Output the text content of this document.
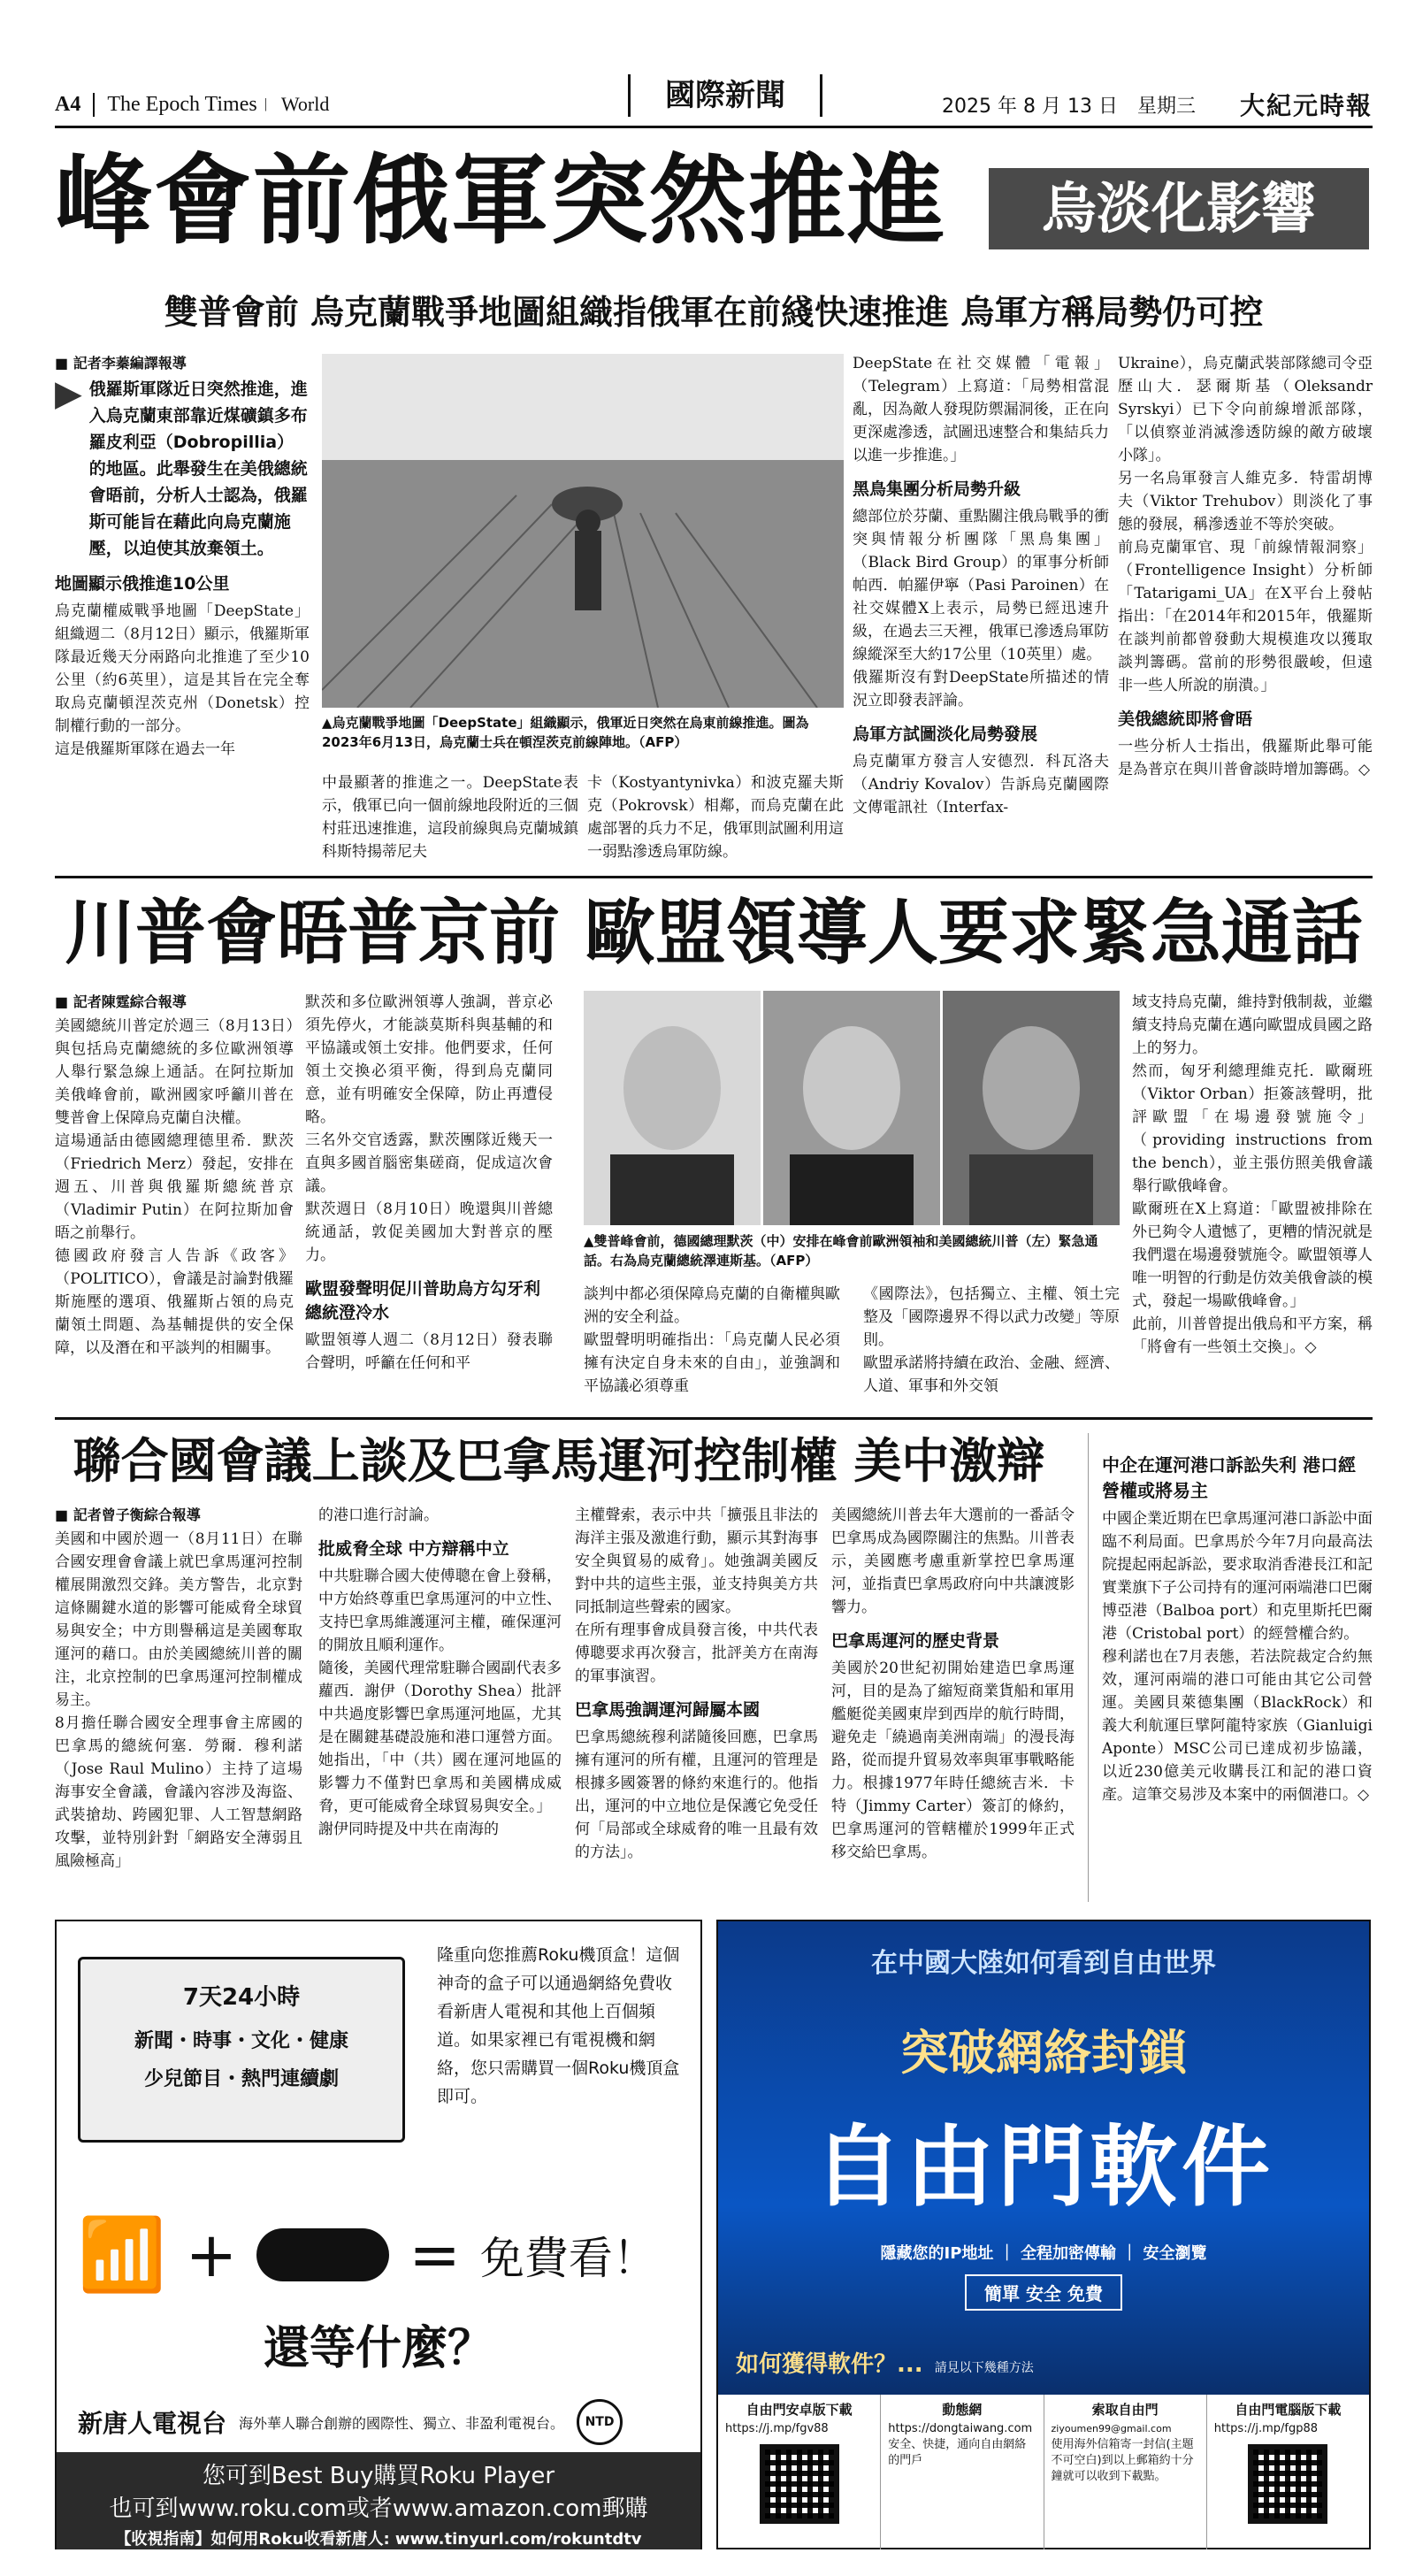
A4	The Epoch Times | World	國際新聞	2025 年 8 月 13 日　星期三 大紀元時報
峰會前俄軍突然推進	烏淡化影響
雙普會前 烏克蘭戰爭地圖組織指俄軍在前綫快速推進 烏軍方稱局勢仍可控
■ 記者李蓁編譯報導
▶ 俄羅斯軍隊近日突然推進，進入烏克蘭東部靠近煤礦鎮多布羅皮利亞（Dobropillia）的地區。此舉發生在美俄總統會晤前，分析人士認為，俄羅斯可能旨在藉此向烏克蘭施壓，以迫使其放棄領土。
地圖顯示俄推進10公里

烏克蘭權威戰爭地圖「DeepState」組織週二（8月12日）顯示，俄羅斯軍隊最近幾天分兩路向北推進了至少10公里（約6英里），這是其旨在完全奪取烏克蘭頓涅茨克州（Donetsk）控制權行動的一部分。

這是俄羅斯軍隊在過去一年

▲烏克蘭戰爭地圖「DeepState」組織顯示，俄軍近日突然在烏東前線推進。圖為2023年6月13日，烏克蘭士兵在頓涅茨克前線陣地。（AFP）

中最顯著的推進之一。DeepState表示，俄軍已向一個前線地段附近的三個村莊迅速推進，這段前線與烏克蘭城鎮科斯特揚蒂尼夫

卡（Kostyantynivka）和波克羅夫斯克（Pokrovsk）相鄰，而烏克蘭在此處部署的兵力不足，俄軍則試圖利用這一弱點滲透烏軍防線。

DeepState在社交媒體「電報」（Telegram）上寫道：「局勢相當混亂，因為敵人發現防禦漏洞後，正在向更深處滲透，試圖迅速整合和集結兵力以進一步推進。」

黑鳥集團分析局勢升級

總部位於芬蘭、重點關注俄烏戰爭的衝突與情報分析團隊「黑鳥集團」（Black Bird Group）的軍事分析師帕西．帕羅伊寧（Pasi Paroinen）在社交媒體X上表示，局勢已經迅速升級，在過去三天裡，俄軍已滲透烏軍防線縱深至大約17公里（10英里）處。

俄羅斯沒有對DeepState所描述的情況立即發表評論。

烏軍方試圖淡化局勢發展

烏克蘭軍方發言人安德烈．科瓦洛夫（Andriy Kovalov）告訴烏克蘭國際文傳電訊社（Interfax-

Ukraine），烏克蘭武裝部隊總司令亞歷山大．瑟爾斯基（Oleksandr Syrskyi）已下令向前線增派部隊，「以偵察並消滅滲透防線的敵方破壞小隊」。

另一名烏軍發言人維克多．特雷胡博夫（Viktor Trehubov）則淡化了事態的發展，稱滲透並不等於突破。

前烏克蘭軍官、現「前線情報洞察」（Frontelligence Insight）分析師「Tatarigami_UA」在X平台上發帖指出：「在2014年和2015年，俄羅斯在談判前都曾發動大規模進攻以獲取談判籌碼。當前的形勢很嚴峻，但遠非一些人所說的崩潰。」

美俄總統即將會晤

一些分析人士指出，俄羅斯此舉可能是為普京在與川普會談時增加籌碼。◇

川普會晤普京前 歐盟領導人要求緊急通話
■ 記者陳霆綜合報導

美國總統川普定於週三（8月13日）與包括烏克蘭總統的多位歐洲領導人舉行緊急線上通話。在阿拉斯加美俄峰會前，歐洲國家呼籲川普在雙普會上保障烏克蘭自決權。

這場通話由德國總理德里希．默茨（Friedrich Merz）發起，安排在週五、川普與俄羅斯總統普京（Vladimir Putin）在阿拉斯加會晤之前舉行。

德國政府發言人告訴《政客》（POLITICO），會議是討論對俄羅斯施壓的選項、俄羅斯占領的烏克蘭領土問題、為基輔提供的安全保障，以及潛在和平談判的相關事。

默茨和多位歐洲領導人強調，普京必須先停火，才能談莫斯科與基輔的和平協議或領土安排。他們要求，任何領土交換必須平衡，得到烏克蘭同意，並有明確安全保障，防止再遭侵略。

三名外交官透露，默茨團隊近幾天一直與多國首腦密集磋商，促成這次會議。

默茨週日（8月10日）晚還與川普總統通話，敦促美國加大對普京的壓力。

歐盟發聲明促川普助烏方勾牙利總統澄冷水

歐盟領導人週二（8月12日）發表聯合聲明，呼籲在任何和平

▲雙普峰會前，德國總理默茨（中）安排在峰會前歐洲領袖和美國總統川普（左）緊急通話。右為烏克蘭總統澤連斯基。（AFP）

談判中都必須保障烏克蘭的自衛權與歐洲的安全利益。

歐盟聲明明確指出：「烏克蘭人民必須擁有決定自身未來的自由」，並強調和平協議必須尊重

《國際法》，包括獨立、主權、領土完整及「國際邊界不得以武力改變」等原則。

歐盟承諾將持續在政治、金融、經濟、人道、軍事和外交領

域支持烏克蘭，維持對俄制裁，並繼續支持烏克蘭在邁向歐盟成員國之路上的努力。

然而，匈牙利總理維克托．歐爾班（Viktor Orban）拒簽該聲明，批評歐盟「在場邊發號施令」（providing instructions from the bench），並主張仿照美俄會議舉行歐俄峰會。

歐爾班在X上寫道：「歐盟被排除在外已夠令人遺憾了，更糟的情況就是我們還在場邊發號施令。歐盟領導人唯一明智的行動是仿效美俄會談的模式，發起一場歐俄峰會。」

此前，川普曾提出俄烏和平方案，稱「將會有一些領土交換」。◇

聯合國會議上談及巴拿馬運河控制權 美中激辯
■ 記者曾子衡綜合報導

美國和中國於週一（8月11日）在聯合國安理會會議上就巴拿馬運河控制權展開激烈交鋒。美方警告，北京對這條關鍵水道的影響可能威脅全球貿易與安全；中方則譽稱這是美國奪取運河的藉口。由於美國總統川普的關注，北京控制的巴拿馬運河控制權成易主。

8月擔任聯合國安全理事會主席國的巴拿馬的總統何塞．勞爾．穆利諾（Jose Raul Mulino）主持了這場海事安全會議，會議內容涉及海盜、武裝搶劫、跨國犯罪、人工智慧網路攻擊，並特別針對「網路安全薄弱且風險極高」

的港口進行討論。

批威脅全球 中方辯稱中立

中共駐聯合國大使傅聰在會上發稱，中方始終尊重巴拿馬運河的中立性、支持巴拿馬維護運河主權，確保運河的開放且順利運作。

隨後，美國代理常駐聯合國副代表多蘿西．謝伊（Dorothy Shea）批評中共過度影響巴拿馬運河地區，尤其是在關鍵基礎設施和港口運營方面。她指出，「中（共）國在運河地區的影響力不僅對巴拿馬和美國構成威脅，更可能威脅全球貿易與安全。」

謝伊同時提及中共在南海的

主權聲索，表示中共「擴張且非法的海洋主張及激進行動，顯示其對海事安全與貿易的威脅」。她強調美國反對中共的這些主張，並支持與美方共同抵制這些聲索的國家。

在所有理事會成員發言後，中共代表傅聰要求再次發言，批評美方在南海的軍事演習。

巴拿馬強調運河歸屬本國

巴拿馬總統穆利諾隨後回應，巴拿馬擁有運河的所有權，且運河的管理是根據多國簽署的條約來進行的。他指出，運河的中立地位是保護它免受任何「局部或全球威脅的唯一且最有效的方法」。

美國總統川普去年大選前的一番話令巴拿馬成為國際關注的焦點。川普表示，美國應考慮重新掌控巴拿馬運河，並指責巴拿馬政府向中共讓渡影響力。

巴拿馬運河的歷史背景

美國於20世紀初開始建造巴拿馬運河，目的是為了縮短商業貨船和軍用艦艇從美國東岸到西岸的航行時間，避免走「繞過南美洲南端」的漫長海路，從而提升貿易效率與軍事戰略能力。根據1977年時任總統吉米．卡特（Jimmy Carter）簽訂的條約，巴拿馬運河的管轄權於1999年正式移交給巴拿馬。

中企在運河港口訴訟失利 港口經營權或將易主

中國企業近期在巴拿馬運河港口訴訟中面臨不利局面。巴拿馬於今年7月向最高法院提起兩起訴訟，要求取消香港長江和記實業旗下子公司持有的運河兩端港口巴爾博亞港（Balboa port）和克里斯托巴爾港（Cristobal port）的經營權合約。

穆利諾也在7月表態，若法院裁定合約無效，運河兩端的港口可能由其它公司營運。美國貝萊德集團（BlackRock）和義大利航運巨擘阿龍特家族（Gianluigi Aponte）MSC公司已達成初步協議，以近230億美元收購長江和記的港口資產。這筆交易涉及本案中的兩個港口。◇

7天24小時
新聞・時事・文化・健康
少兒節目・熱門連續劇
隆重向您推薦Roku機頂盒！這個神奇的盒子可以通過網絡免費收看新唐人電視和其他上百個頻道。如果家裡已有電視機和網絡，您只需購買一個Roku機頂盒即可。
📶 +	= 免費看！
還等什麼？
新唐人電視台 海外華人聯合創辦的國際性、獨立、非盈利電視台。	NTD
您可到Best Buy購買Roku Player
也可到www.roku.com或者www.amazon.com郵購
【收視指南】如何用Roku收看新唐人: www.tinyurl.com/rokuntdtv
在中國大陸如何看到自由世界
突破網絡封鎖
自由門軟件
隱藏您的IP地址 ｜ 全程加密傳輸 ｜ 安全瀏覽
簡單 安全 免費
如何獲得軟件？... 請見以下幾種方法
自由門安卓版下載
https://j.mp/fgv88
動態網
https://dongtaiwang.com
安全、快捷，通向自由網絡的門戶
索取自由門
ziyoumen99@gmail.com
使用海外信箱寄一封信(主題不可空白)到以上郵箱約十分鐘就可以收到下載點。
自由門電腦版下載
https://j.mp/fgp88
